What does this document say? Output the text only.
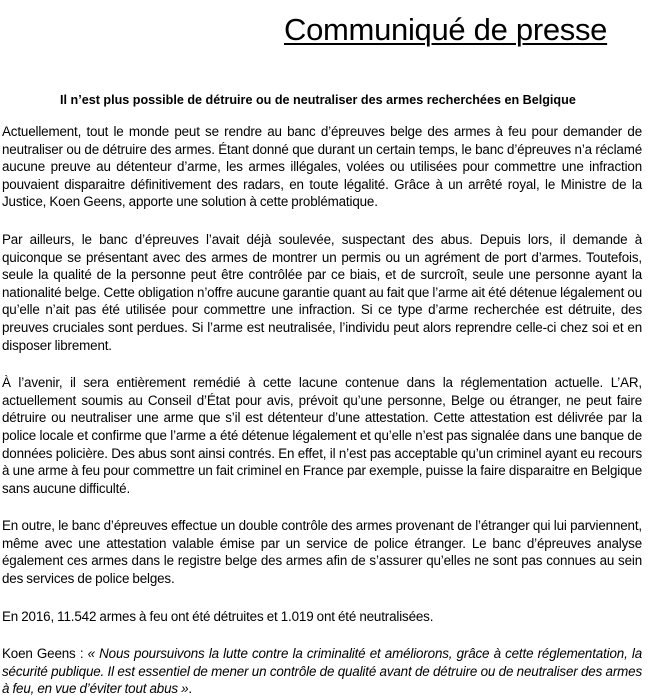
Communiqué de presse
Il n’est plus possible de détruire ou de neutraliser des armes recherchées en Belgique

Actuellement, tout le monde peut se rendre au banc d’épreuves belge des armes à feu pour demander de neutraliser ou de détruire des armes. Étant donné que durant un certain temps, le banc d’épreuves n’a réclamé aucune preuve au détenteur d’arme, les armes illégales, volées ou utilisées pour commettre une infraction pouvaient disparaitre définitivement des radars, en toute légalité. Grâce à un arrêté royal, le Ministre de la Justice, Koen Geens, apporte une solution à cette problématique.

Par ailleurs, le banc d’épreuves l’avait déjà soulevée, suspectant des abus. Depuis lors, il demande à quiconque se présentant avec des armes de montrer un permis ou un agrément de port d’armes. Toutefois, seule la qualité de la personne peut être contrôlée par ce biais, et de surcroît, seule une personne ayant la nationalité belge. Cette obligation n’offre aucune garantie quant au fait que l’arme ait été détenue légalement ou qu’elle n’ait pas été utilisée pour commettre une infraction. Si ce type d’arme recherchée est détruite, des preuves cruciales sont perdues. Si l’arme est neutralisée, l’individu peut alors reprendre celle-ci chez soi et en disposer librement.

À l’avenir, il sera entièrement remédié à cette lacune contenue dans la réglementation actuelle. L’AR, actuellement soumis au Conseil d’État pour avis, prévoit qu’une personne, Belge ou étranger, ne peut faire détruire ou neutraliser une arme que s’il est détenteur d’une attestation. Cette attestation est délivrée par la police locale et confirme que l’arme a été détenue légalement et qu’elle n’est pas signalée dans une banque de données policière. Des abus sont ainsi contrés. En effet, il n’est pas acceptable qu’un criminel ayant eu recours à une arme à feu pour commettre un fait criminel en France par exemple, puisse la faire disparaitre en Belgique sans aucune difficulté.

En outre, le banc d’épreuves effectue un double contrôle des armes provenant de l’étranger qui lui parviennent, même avec une attestation valable émise par un service de police étranger. Le banc d’épreuves analyse également ces armes dans le registre belge des armes afin de s’assurer qu’elles ne sont pas connues au sein des services de police belges.

En 2016, 11.542 armes à feu ont été détruites et 1.019 ont été neutralisées.

Koen Geens : « Nous poursuivons la lutte contre la criminalité et améliorons, grâce à cette réglementation, la sécurité publique. Il est essentiel de mener un contrôle de qualité avant de détruire ou de neutraliser des armes à feu, en vue d’éviter tout abus ».
